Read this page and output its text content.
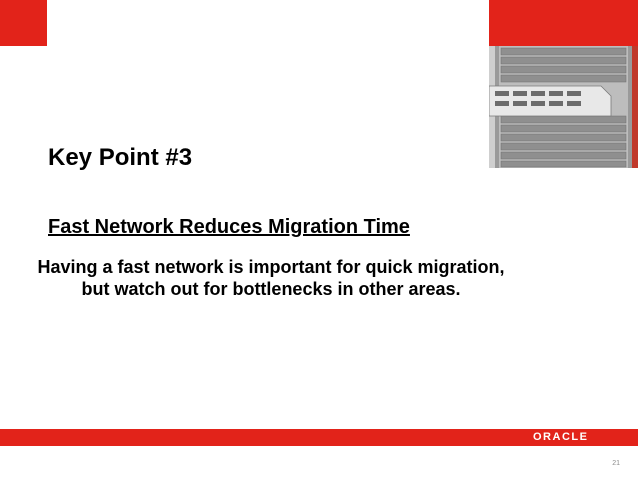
Key Point #3
Fast Network Reduces Migration Time
Having a fast network is important for quick migration, but watch out for bottlenecks in other areas.
ORACLE
21
